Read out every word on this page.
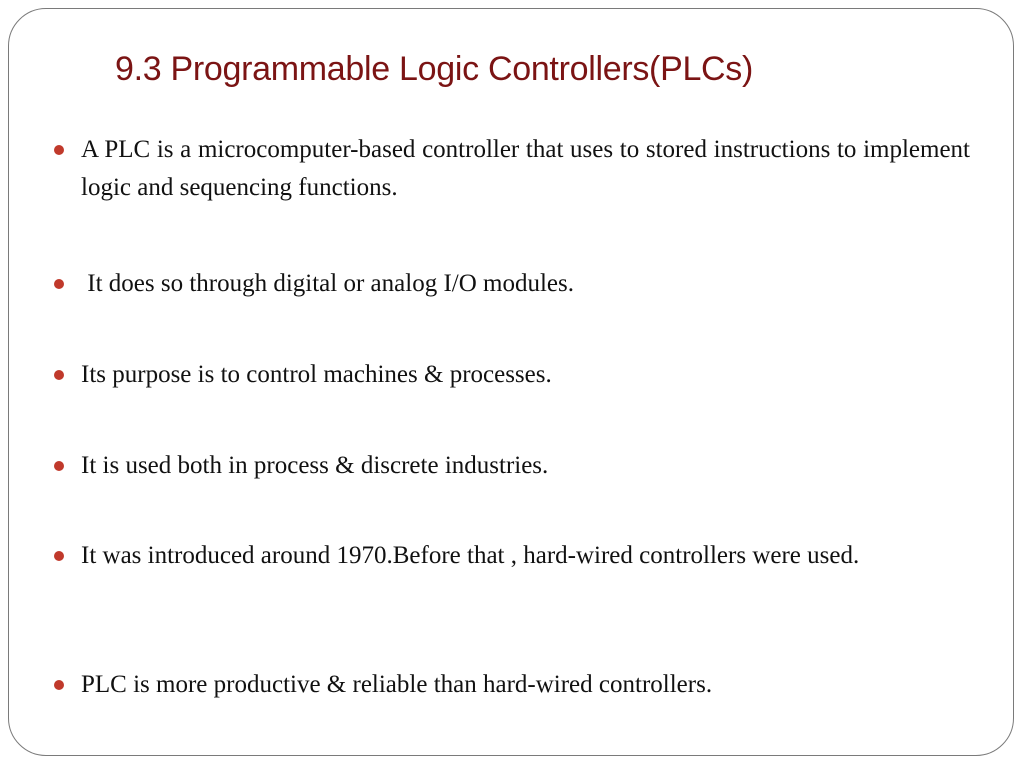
9.3 Programmable Logic Controllers(PLCs)
A PLC is a microcomputer-based controller that uses to stored instructions to implement logic and sequencing functions.
It does so through digital or analog I/O modules.
Its purpose is to control machines & processes.
It is used both in process & discrete industries.
It was introduced around 1970.Before that , hard-wired controllers were used.
PLC is more productive & reliable than hard-wired controllers.
